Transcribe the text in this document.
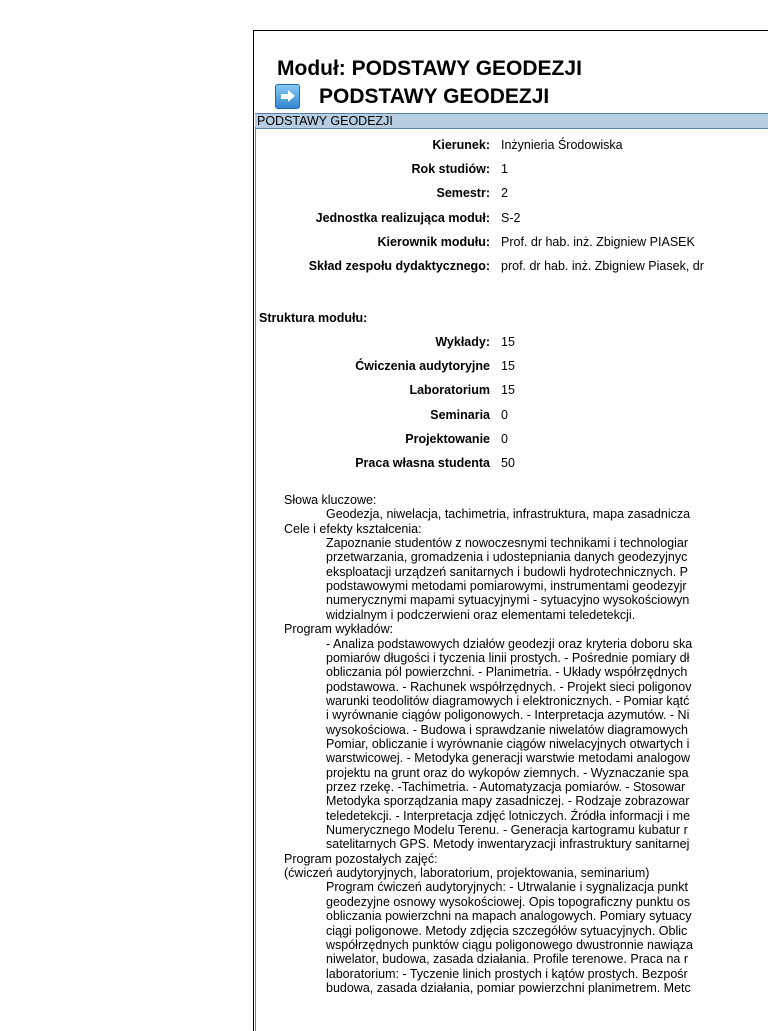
Moduł: PODSTAWY GEODEZJI
PODSTAWY GEODEZJI
PODSTAWY GEODEZJI
Kierunek: Inżynieria Środowiska
Rok studiów: 1
Semestr: 2
Jednostka realizująca moduł: S-2
Kierownik modułu: Prof. dr hab. inż. Zbigniew PIASEK
Skład zespołu dydaktycznego: prof. dr hab. inż. Zbigniew Piasek, dr
Struktura modułu:
Wykłady: 15
Ćwiczenia audytoryjne 15
Laboratorium 15
Seminaria 0
Projektowanie 0
Praca własna studenta 50
Słowa kluczowe:
Geodezja, niwelacja, tachimetria, infrastruktura, mapa zasadnicza
Cele i efekty kształcenia:
Zapoznanie studentów z nowoczesnymi technikami i technologiar
przetwarzania, gromadzenia i udostepniania danych geodezyjnyc
eksploatacji urządzeń sanitarnych i budowli hydrotechnicznych. P
podstawowymi metodami pomiarowymi, instrumentami geodezyjr
numerycznymi mapami sytuacyjnymi - sytuacyjno wysokościowyn
widzialnym i podczerwieni oraz elementami teledetekcji.
Program wykładów:
- Analiza podstawowych działów geodezji oraz kryteria doboru ska
pomiarów długości i tyczenia linii prostych. - Pośrednie pomiary dł
obliczania pól powierzchni. - Planimetria. - Układy współrzędnych
podstawowa. - Rachunek współrzędnych. - Projekt sieci poligonov
warunki teodolitów diagramowych i elektronicznych. - Pomiar kątć
i wyrównanie ciągów poligonowych. - Interpretacja azymutów. - Ni
wysokościowa. - Budowa i sprawdzanie niwelatów diagramowych
Pomiar, obliczanie i wyrównanie ciągów niwelacyjnych otwartych i
warstwicowej. - Metodyka generacji warstwie metodami analogow
projektu na grunt oraz do wykopów ziemnych. - Wyznaczanie spa
przez rzekę. -Tachimetria. - Automatyzacja pomiarów. - Stosowar
Metodyka sporządzania mapy zasadniczej. - Rodzaje zobrazowar
teledetekcji. - Interpretacja zdjęć lotniczych. Źródła informacji i me
Numerycznego Modelu Terenu. - Generacja kartogramu kubatur r
satelitarnych GPS. Metody inwentaryzacji infrastruktury sanitarnej
Program pozostałych zajęć:
(ćwiczeń audytoryjnych, laboratorium, projektowania, seminarium)
Program ćwiczeń audytoryjnych: - Utrwalanie i sygnalizacja punkt
geodezyjne osnowy wysokościowej. Opis topograficzny punktu os
obliczania powierzchni na mapach analogowych. Pomiary sytuacy
ciągi poligonowe. Metody zdjęcia szczegółów sytuacyjnych. Oblic
współrzędnych punktów ciągu poligonowego dwustronnie nawiąza
niwelator, budowa, zasada działania. Profile terenowe. Praca na r
laboratorium: - Tyczenie linich prostych i kątów prostych. Bezpośr
budowa, zasada działania, pomiar powierzchni planimetrem. Metc
